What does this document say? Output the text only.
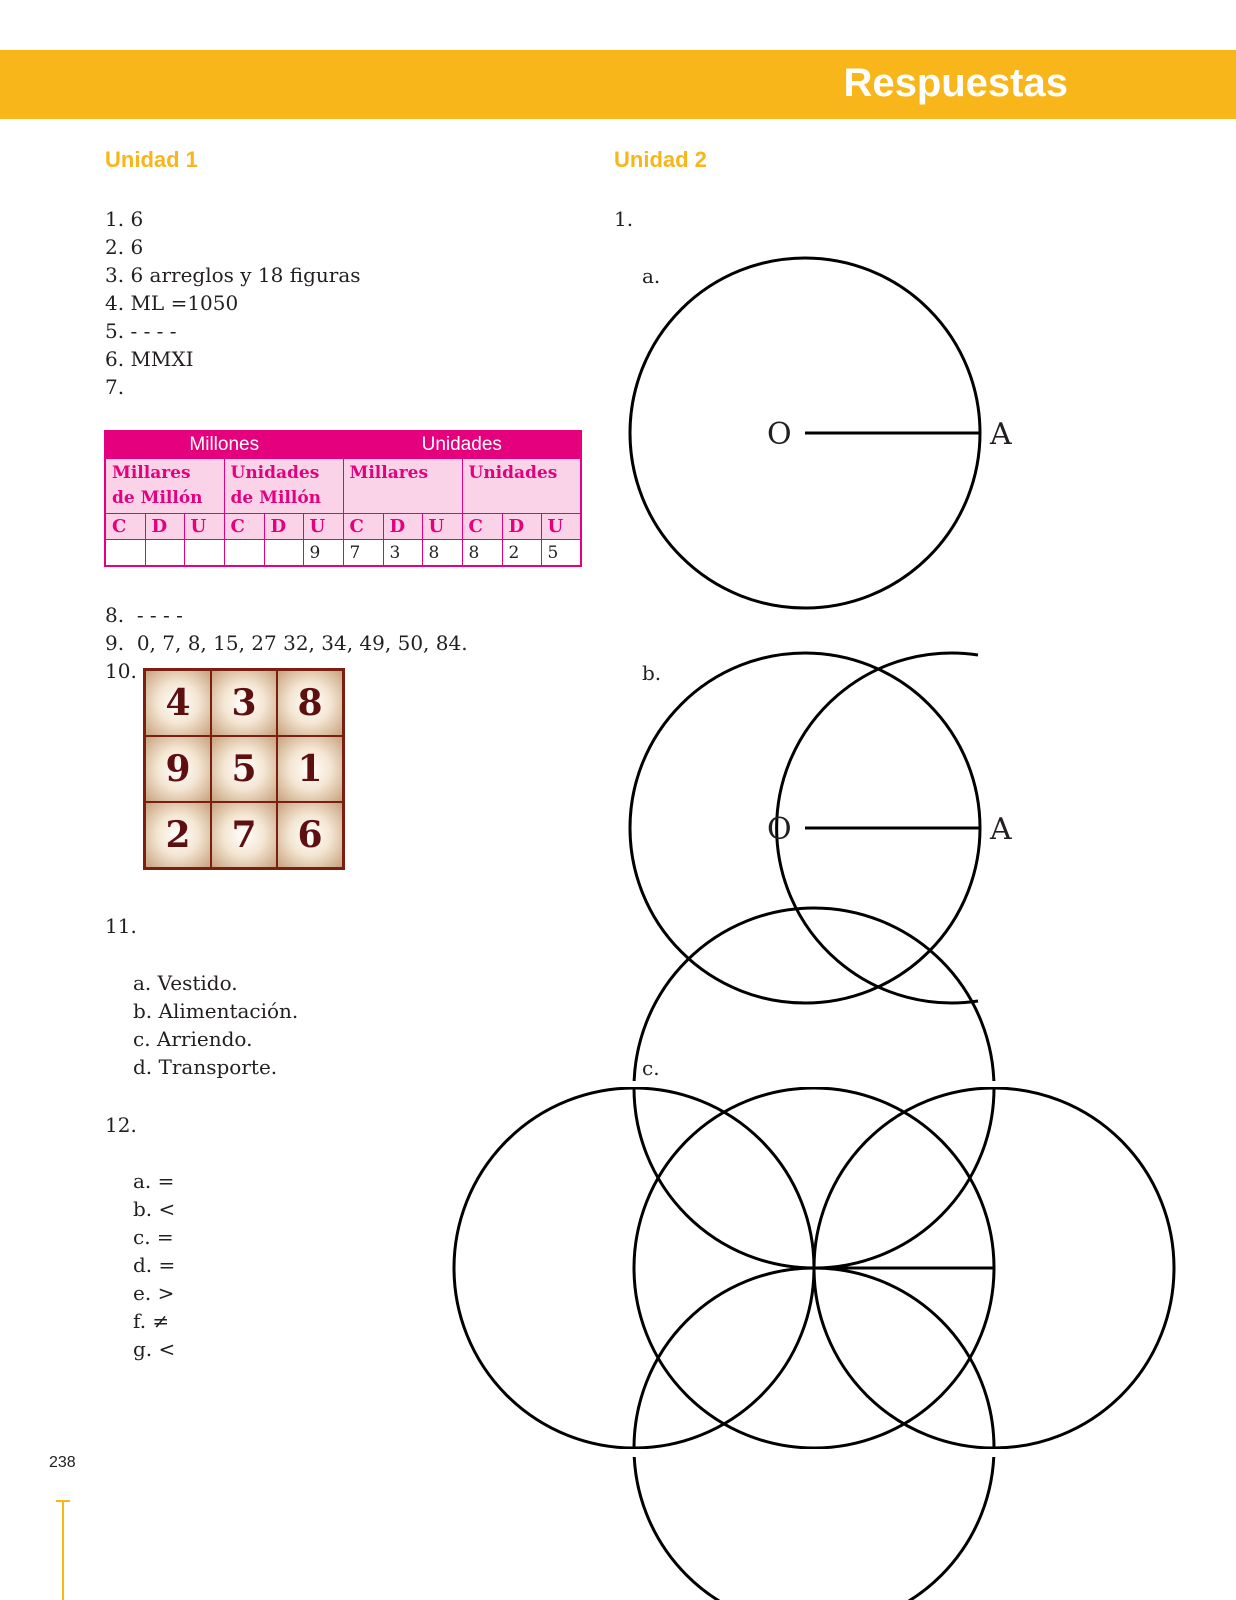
Respuestas
Unidad 1	Unidad 2
1. 6
2. 6
3. 6 arreglos y 18 figuras
4. ML =1050
5. - - - -
6. MMXI
7.
Millones						Unidades					
Millares
de Millón			Unidades
de Millón			Millares			Unidades		

C	D	U	C	D	U	C	D	U	C	D	U
					9	7	3	8	8	2	5
8. - - - -
9. 0, 7, 8, 15, 27 32, 34, 49, 50, 84.
10.
4	3	8
9	5	1
2	7	6
11.
a. Vestido.
b. Alimentación.
c. Arriendo.
d. Transporte.
12.
a. =
b. <
c. =
d. =
e. >
f. ≠
g. <
1.
a.
O	A
b.
O	A
c.
238
